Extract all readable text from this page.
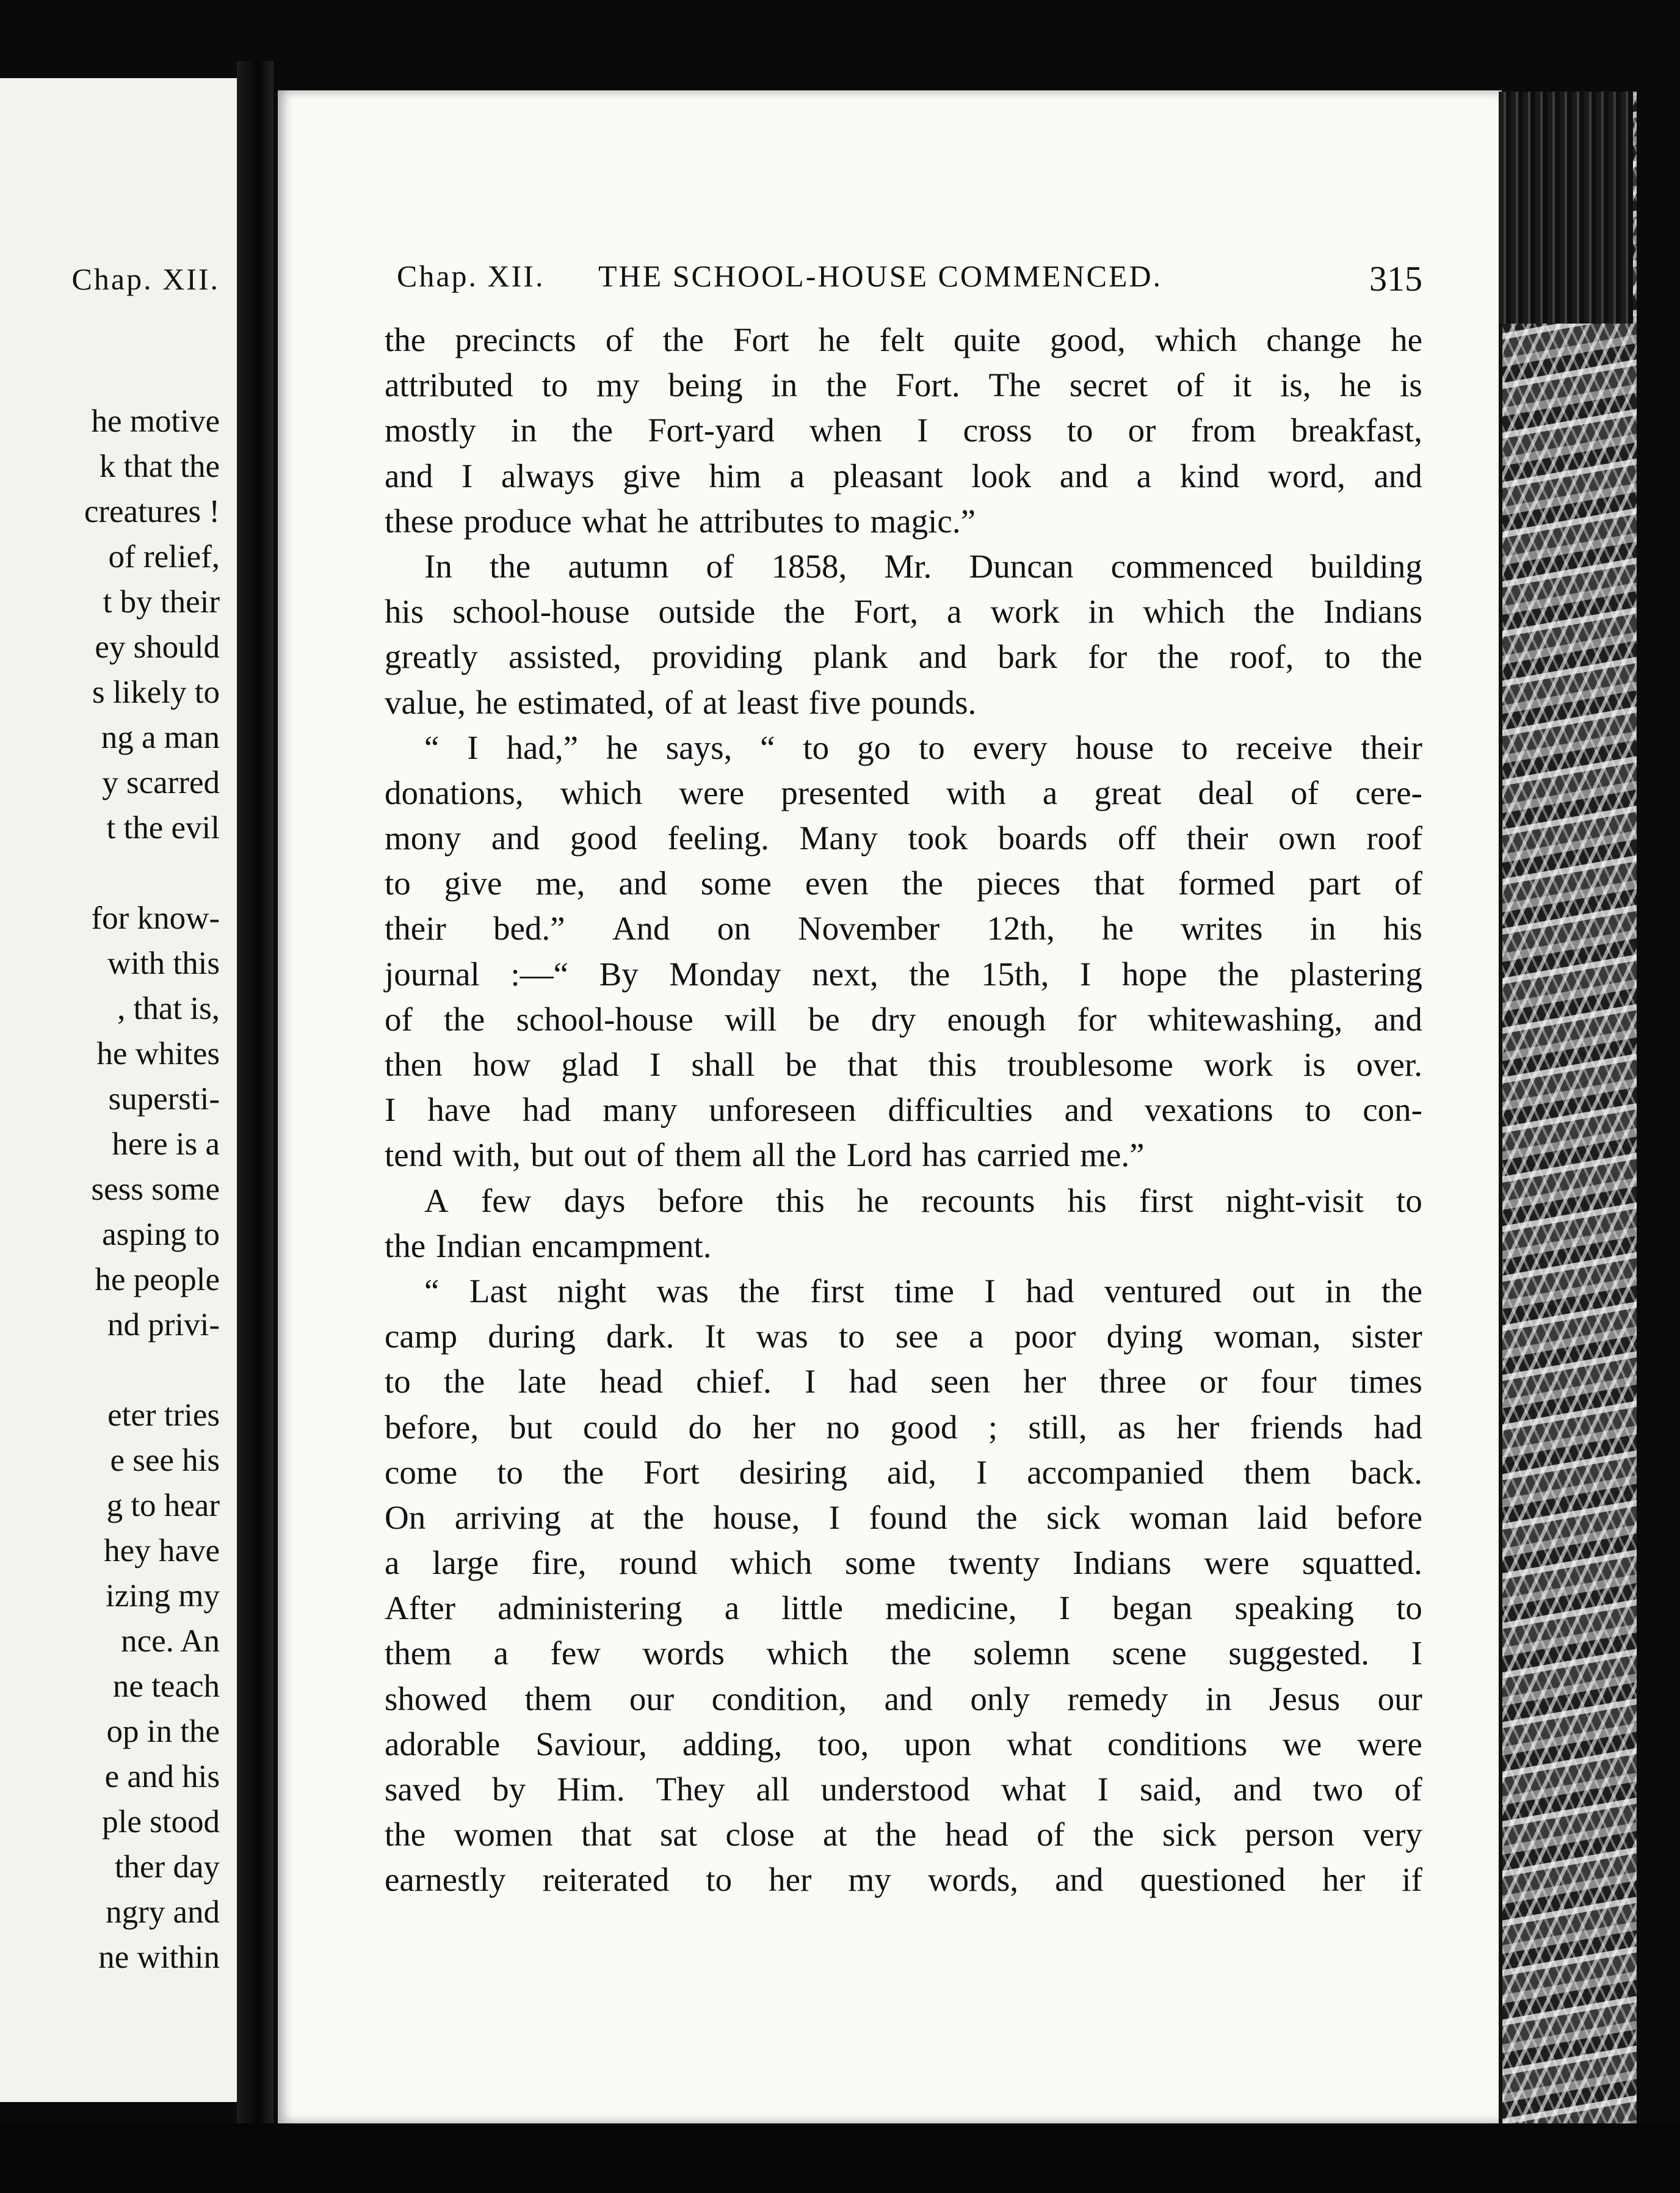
Chap. XII.
he motive
k that the
creatures !
of relief,
t by their
ey should
s likely to
ng a man
y scarred
t the evil
for know-
with this
, that is,
he whites
supersti-
here is a
sess some
asping to
he people
nd privi-
eter tries
e see his
g to hear
hey have
izing my
nce. An
ne teach
op in the
e and his
ple stood
ther day
ngry and
ne within
Chap. XII. THE SCHOOL-HOUSE COMMENCED.	315
the precincts of the Fort he felt quite good, which change he
attributed to my being in the Fort. The secret of it is, he is
mostly in the Fort-yard when I cross to or from breakfast,
and I always give him a pleasant look and a kind word, and
these produce what he attributes to magic.”
In the autumn of 1858, Mr. Duncan commenced building
his school-house outside the Fort, a work in which the Indians
greatly assisted, providing plank and bark for the roof, to the
value, he estimated, of at least five pounds.
“ I had,” he says, “ to go to every house to receive their
donations, which were presented with a great deal of cere-
mony and good feeling. Many took boards off their own roof
to give me, and some even the pieces that formed part of
their bed.” And on November 12th, he writes in his
journal :—“ By Monday next, the 15th, I hope the plastering
of the school-house will be dry enough for whitewashing, and
then how glad I shall be that this troublesome work is over.
I have had many unforeseen difficulties and vexations to con-
tend with, but out of them all the Lord has carried me.”
A few days before this he recounts his first night-visit to
the Indian encampment.
“ Last night was the first time I had ventured out in the
camp during dark. It was to see a poor dying woman, sister
to the late head chief. I had seen her three or four times
before, but could do her no good ; still, as her friends had
come to the Fort desiring aid, I accompanied them back.
On arriving at the house, I found the sick woman laid before
a large fire, round which some twenty Indians were squatted.
After administering a little medicine, I began speaking to
them a few words which the solemn scene suggested. I
showed them our condition, and only remedy in Jesus our
adorable Saviour, adding, too, upon what conditions we were
saved by Him. They all understood what I said, and two of
the women that sat close at the head of the sick person very
earnestly reiterated to her my words, and questioned her if
